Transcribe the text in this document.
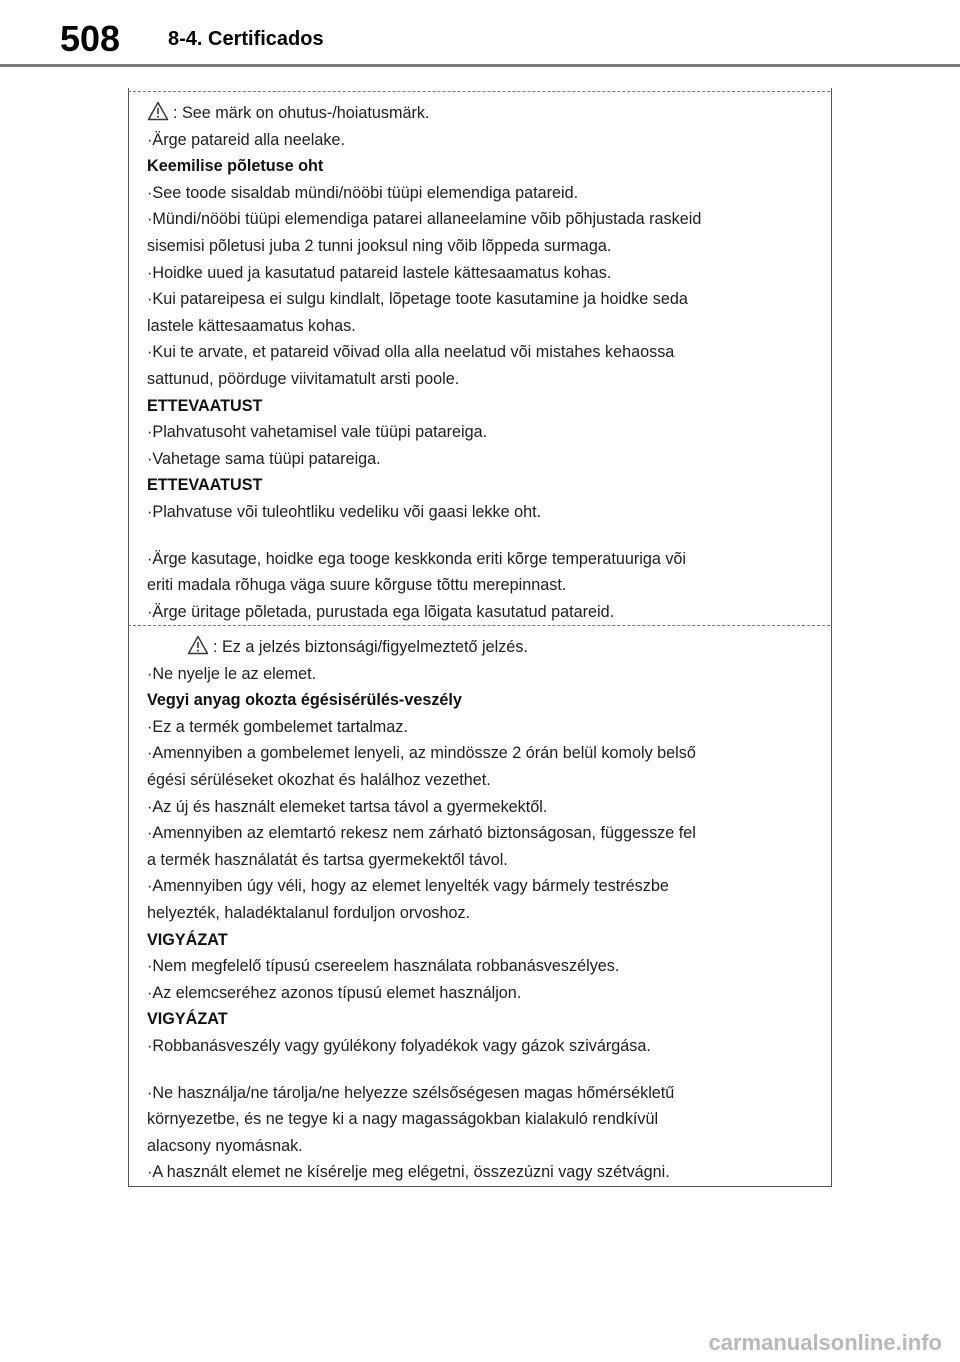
508 8-4. Certificados
: See märk on ohutus-/hoiatusmärk.
·Ärge patareid alla neelake.
Keemilise põletuse oht
·See toode sisaldab mündi/nööbi tüüpi elemendiga patareid.
·Mündi/nööbi tüüpi elemendiga patarei allaneelamine võib põhjustada raskeid
sisemisi põletusi juba 2 tunni jooksul ning võib lõppeda surmaga.
·Hoidke uued ja kasutatud patareid lastele kättesaamatus kohas.
·Kui patareipesa ei sulgu kindlalt, lõpetage toote kasutamine ja hoidke seda
lastele kättesaamatus kohas.
·Kui te arvate, et patareid võivad olla alla neelatud või mistahes kehaossa
sattunud, pöörduge viivitamatult arsti poole.
ETTEVAATUST
·Plahvatusoht vahetamisel vale tüüpi patareiga.
·Vahetage sama tüüpi patareiga.
ETTEVAATUST
·Plahvatuse või tuleohtliku vedeliku või gaasi lekke oht.
·Ärge kasutage, hoidke ega tooge keskkonda eriti kõrge temperatuuriga või
eriti madala rõhuga väga suure kõrguse tõttu merepinnast.
·Ärge üritage põletada, purustada ega lõigata kasutatud patareid.
: Ez a jelzés biztonsági/figyelmeztető jelzés.
·Ne nyelje le az elemet.
Vegyi anyag okozta égésisérülés-veszély
·Ez a termék gombelemet tartalmaz.
·Amennyiben a gombelemet lenyeli, az mindössze 2 órán belül komoly belső
égési sérüléseket okozhat és halálhoz vezethet.
·Az új és használt elemeket tartsa távol a gyermekektől.
·Amennyiben az elemtartó rekesz nem zárható biztonságosan, függessze fel
a termék használatát és tartsa gyermekektől távol.
·Amennyiben úgy véli, hogy az elemet lenyelték vagy bármely testrészbe
helyezték, haladéktalanul forduljon orvoshoz.
VIGYÁZAT
·Nem megfelelő típusú csereelem használata robbanásveszélyes.
·Az elemcseréhez azonos típusú elemet használjon.
VIGYÁZAT
·Robbanásveszély vagy gyúlékony folyadékok vagy gázok szivárgása.
·Ne használja/ne tárolja/ne helyezze szélsőségesen magas hőmérsékletű
környezetbe, és ne tegye ki a nagy magasságokban kialakuló rendkívül
alacsony nyomásnak.
·A használt elemet ne kísérelje meg elégetni, összezúzni vagy szétvágni.
carmanualsonline.info
